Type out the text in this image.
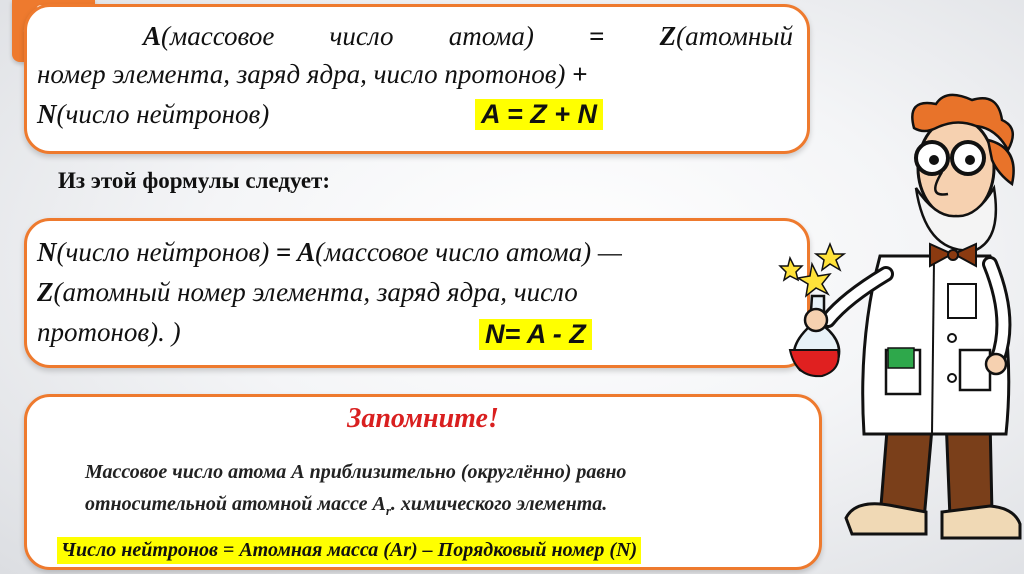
A(массовое число атома) = Z(атомный
номер элемента, заряд ядра, число протонов) +
N(число нейтронов)	A = Z + N
Из этой формулы следует:
N(число нейтронов) = A(массовое число атома) —
Z(атомный номер элемента, заряд ядра, число
протонов). )	N= A - Z
Запомните!
Массовое число атома А приблизительно (округлённо) равно
относительной атомной массе $А_r$. химического элемента.
Число нейтронов = Атомная масса (Ar) – Порядковый номер (N)
